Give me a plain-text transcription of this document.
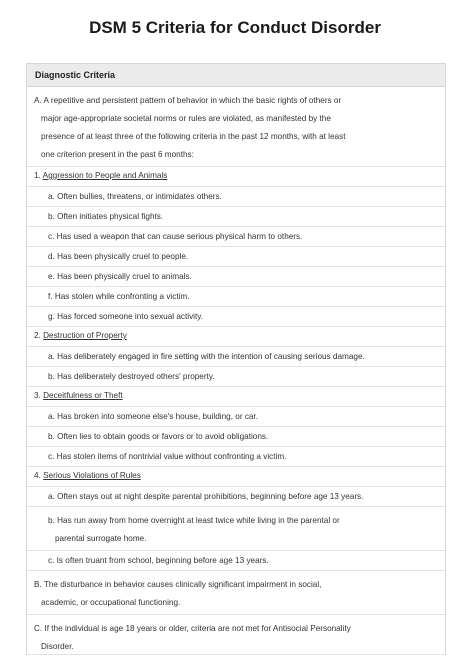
DSM 5 Criteria for Conduct Disorder
Diagnostic Criteria
A. A repetitive and persistent pattern of behavior in which the basic rights of others or
major age-appropriate societal norms or rules are violated, as manifested by the
presence of at least three of the following criteria in the past 12 months, with at least
one criterion present in the past 6 months:
1. Aggression to People and Animals
a. Often bullies, threatens, or intimidates others.
b. Often initiates physical fights.
c. Has used a weapon that can cause serious physical harm to others.
d. Has been physically cruel to people.
e. Has been physically cruel to animals.
f. Has stolen while confronting a victim.
g. Has forced someone into sexual activity.
2. Destruction of Property
a. Has deliberately engaged in fire setting with the intention of causing serious damage.
b. Has deliberately destroyed others' property.
3. Deceitfulness or Theft
a. Has broken into someone else's house, building, or car.
b. Often lies to obtain goods or favors or to avoid obligations.
c. Has stolen items of nontrivial value without confronting a victim.
4. Serious Violations of Rules
a. Often stays out at night despite parental prohibitions, beginning before age 13 years.
b. Has run away from home overnight at least twice while living in the parental or
parental surrogate home.
c. Is often truant from school, beginning before age 13 years.
B. The disturbance in behavior causes clinically significant impairment in social,
academic, or occupational functioning.
C. If the individual is age 18 years or older, criteria are not met for Antisocial Personality
Disorder.
